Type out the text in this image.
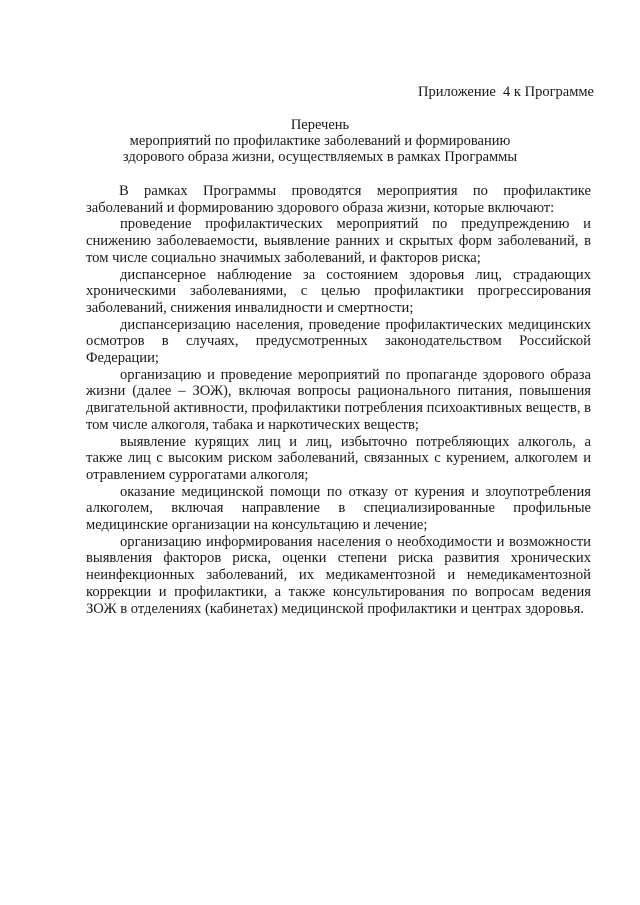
Приложение  4 к Программе
Перечень
мероприятий по профилактике заболеваний и формированию
здорового образа жизни, осуществляемых в рамках Программы

В рамках Программы проводятся мероприятия по профилактике заболеваний и формированию здорового образа жизни, которые включают:

проведение профилактических мероприятий по предупреждению и снижению заболеваемости, выявление ранних и скрытых форм заболеваний, в том числе социально значимых заболеваний, и факторов риска;

диспансерное наблюдение за состоянием здоровья лиц, страдающих хроническими заболеваниями, с целью профилактики прогрессирования заболеваний, снижения инвалидности и смертности;

диспансеризацию населения, проведение профилактических медицинских осмотров в случаях, предусмотренных законодательством Российской Федерации;

организацию и проведение мероприятий по пропаганде здорового образа жизни (далее – ЗОЖ), включая вопросы рационального питания, повышения двигательной активности, профилактики потребления психоактивных веществ, в том числе алкоголя, табака и наркотических веществ;

выявление курящих лиц и лиц, избыточно потребляющих алкоголь, а также лиц с высоким риском заболеваний, связанных с курением, алкоголем и отравлением суррогатами алкоголя;

оказание медицинской помощи по отказу от курения и злоупотребления алкоголем, включая направление в специализированные профильные медицинские организации на консультацию и лечение;

организацию информирования населения о необходимости и возможности выявления факторов риска, оценки степени риска развития хронических неинфекционных заболеваний, их медикаментозной и немедикаментозной коррекции и профилактики, а также консультирования по вопросам ведения ЗОЖ в отделениях (кабинетах) медицинской профилактики и центрах здоровья.
